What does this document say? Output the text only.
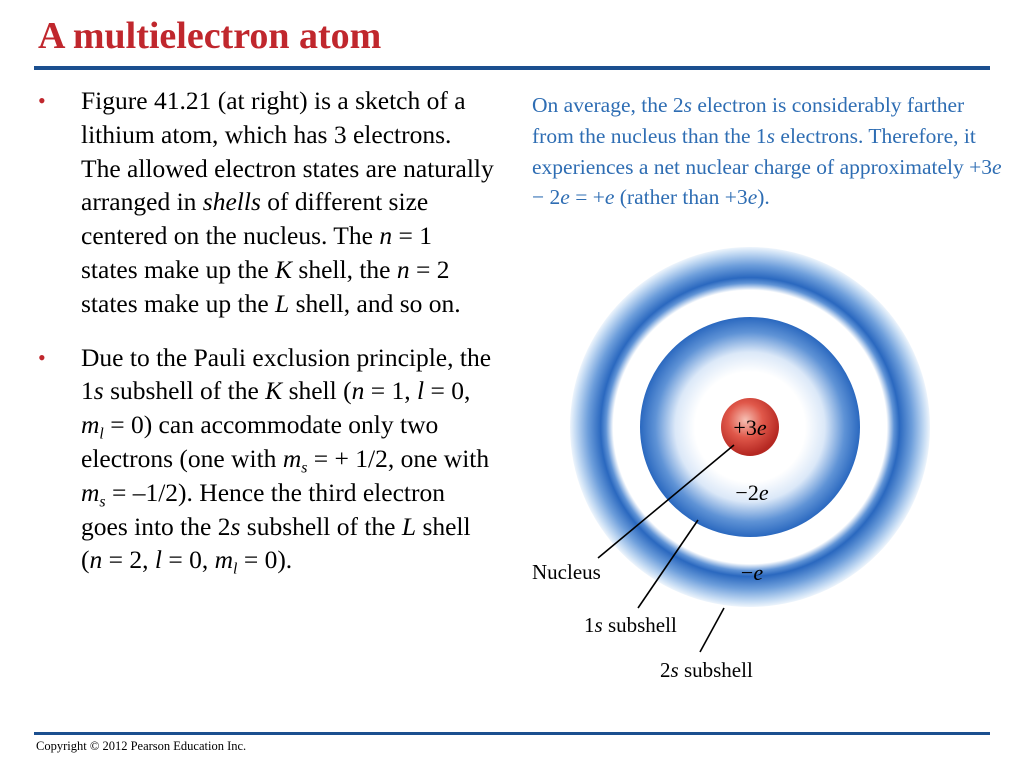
A multielectron atom
• Figure 41.21 (at right) is a sketch of a lithium atom, which has 3 electrons. The allowed electron states are naturally arranged in shells of different size centered on the nucleus. The n = 1 states make up the K shell, the n = 2 states make up the L shell, and so on.
• Due to the Pauli exclusion principle, the 1s subshell of the K shell (n = 1, l = 0, $m_l = 0$) can accommodate only two electrons (one with $m_s$ = + 1/2, one with $m_s = -1/2$). Hence the third electron goes into the 2s subshell of the L shell (n = 2, l = 0, $m_l = 0$).

On average, the 2s electron is considerably farther from the nucleus than the 1s electrons. Therefore, it experiences a net nuclear charge of approximately +3e − 2e = +e (rather than +3e).

+3e
−2e
−e
Nucleus
1s subshell
2s subshell

Copyright © 2012 Pearson Education Inc.
